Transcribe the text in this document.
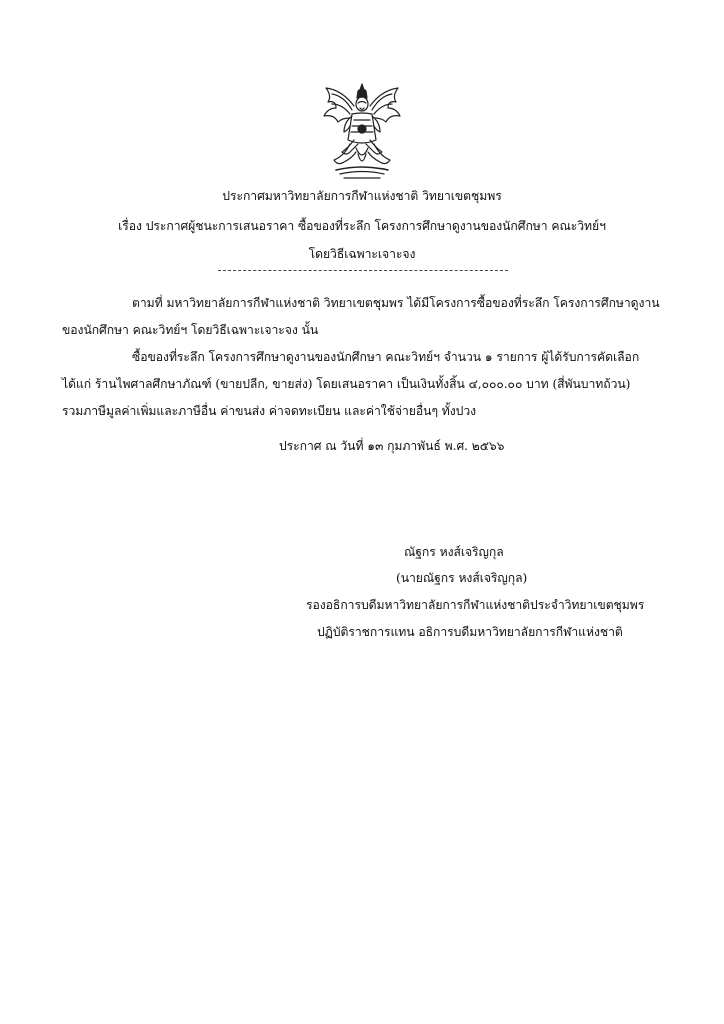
ประกาศมหาวิทยาลัยการกีฬาแห่งชาติ วิทยาเขตชุมพร
เรื่อง ประกาศผู้ชนะการเสนอราคา ซื้อของที่ระลึก โครงการศึกษาดูงานของนักศึกษา คณะวิทย์ฯ
โดยวิธีเฉพาะเจาะจง
ตามที่ มหาวิทยาลัยการกีฬาแห่งชาติ วิทยาเขตชุมพร ได้มีโครงการซื้อของที่ระลึก โครงการศึกษาดูงาน
ของนักศึกษา คณะวิทย์ฯ โดยวิธีเฉพาะเจาะจง นั้น
ซื้อของที่ระลึก โครงการศึกษาดูงานของนักศึกษา คณะวิทย์ฯ จำนวน ๑ รายการ ผู้ได้รับการคัดเลือก
ได้แก่ ร้านไพศาลศึกษาภัณฑ์ (ขายปลีก, ขายส่ง) โดยเสนอราคา เป็นเงินทั้งสิ้น ๔,๐๐๐.๐๐ บาท (สี่พันบาทถ้วน)
รวมภาษีมูลค่าเพิ่มและภาษีอื่น ค่าขนส่ง ค่าจดทะเบียน และค่าใช้จ่ายอื่นๆ ทั้งปวง
ประกาศ ณ วันที่ ๑๓ กุมภาพันธ์ พ.ศ. ๒๕๖๖
ณัฐกร หงส์เจริญกุล
(นายณัฐกร หงส์เจริญกุล)
รองอธิการบดีมหาวิทยาลัยการกีฬาแห่งชาติประจำวิทยาเขตชุมพร
ปฏิบัติราชการแทน อธิการบดีมหาวิทยาลัยการกีฬาแห่งชาติ
